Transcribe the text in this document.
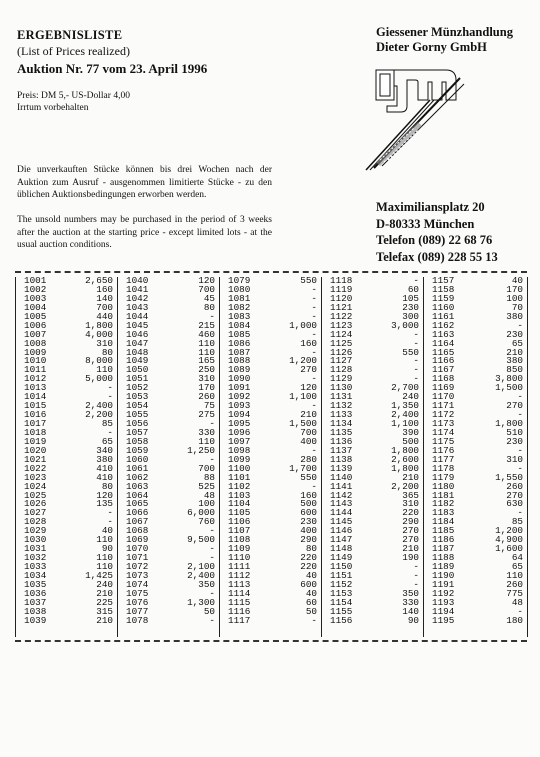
ERGEBNISLISTE
(List of Prices realized)
Auktion Nr. 77 vom 23. April 1996
Preis: DM 5,- US-Dollar 4,00
Irrtum vorbehalten
Giessener Münzhandlung
Dieter Gorny GmbH
Die unverkauften Stücke können bis drei Wochen nach der Auktion zum Ausruf - ausgenommen limitierte Stücke - zu den üblichen Auktionsbedingungen erworben werden.
The unsold numbers may be purchased in the period of 3 weeks after the auction at the starting price - except limited lots - at the usual auction conditions.
Maximiliansplatz 20
D-80333 München
Telefon (089) 22 68 76
Telefax (089) 228 55 13
1001	2,650
1002	160
1003	140
1004	700
1005	440
1006	1,800
1007	4,000
1008	310
1009	80
1010	8,000
1011	110
1012	5,000
1013	-
1014	-
1015	2,400
1016	2,200
1017	85
1018	-
1019	65
1020	340
1021	380
1022	410
1023	410
1024	80
1025	120
1026	135
1027	-
1028	-
1029	40
1030	110
1031	90
1032	110
1033	110
1034	1,425
1035	240
1036	210
1037	225
1038	315
1039	210
1040	120
1041	700
1042	45
1043	80
1044	-
1045	215
1046	460
1047	110
1048	110
1049	165
1050	250
1051	310
1052	170
1053	260
1054	75
1055	275
1056	-
1057	330
1058	110
1059	1,250
1060	-
1061	700
1062	88
1063	525
1064	48
1065	100
1066	6,000
1067	760
1068	-
1069	9,500
1070	-
1071	-
1072	2,100
1073	2,400
1074	350
1075	-
1076	1,300
1077	50
1078	-
1079	550
1080	-
1081	-
1082	-
1083	-
1084	1,000
1085	-
1086	160
1087	-
1088	1,200
1089	270
1090	-
1091	120
1092	1,100
1093	-
1094	210
1095	1,500
1096	700
1097	400
1098	-
1099	280
1100	1,700
1101	550
1102	-
1103	160
1104	500
1105	600
1106	230
1107	400
1108	290
1109	80
1110	220
1111	220
1112	40
1113	600
1114	40
1115	60
1116	50
1117	-
1118	-
1119	60
1120	105
1121	230
1122	300
1123	3,000
1124	-
1125	-
1126	550
1127	-
1128	-
1129	-
1130	2,700
1131	240
1132	1,350
1133	2,400
1134	1,100
1135	390
1136	500
1137	1,800
1138	2,600
1139	1,800
1140	210
1141	2,200
1142	365
1143	310
1144	220
1145	290
1146	270
1147	270
1148	210
1149	190
1150	-
1151	-
1152	-
1153	350
1154	330
1155	140
1156	90
1157	40
1158	170
1159	100
1160	70
1161	380
1162	-
1163	230
1164	65
1165	210
1166	380
1167	850
1168	3,800
1169	1,500
1170	-
1171	270
1172	-
1173	1,800
1174	510
1175	230
1176	-
1177	310
1178	-
1179	1,550
1180	260
1181	270
1182	630
1183	-
1184	85
1185	1,200
1186	4,900
1187	1,600
1188	64
1189	65
1190	110
1191	260
1192	775
1193	48
1194	-
1195	180
